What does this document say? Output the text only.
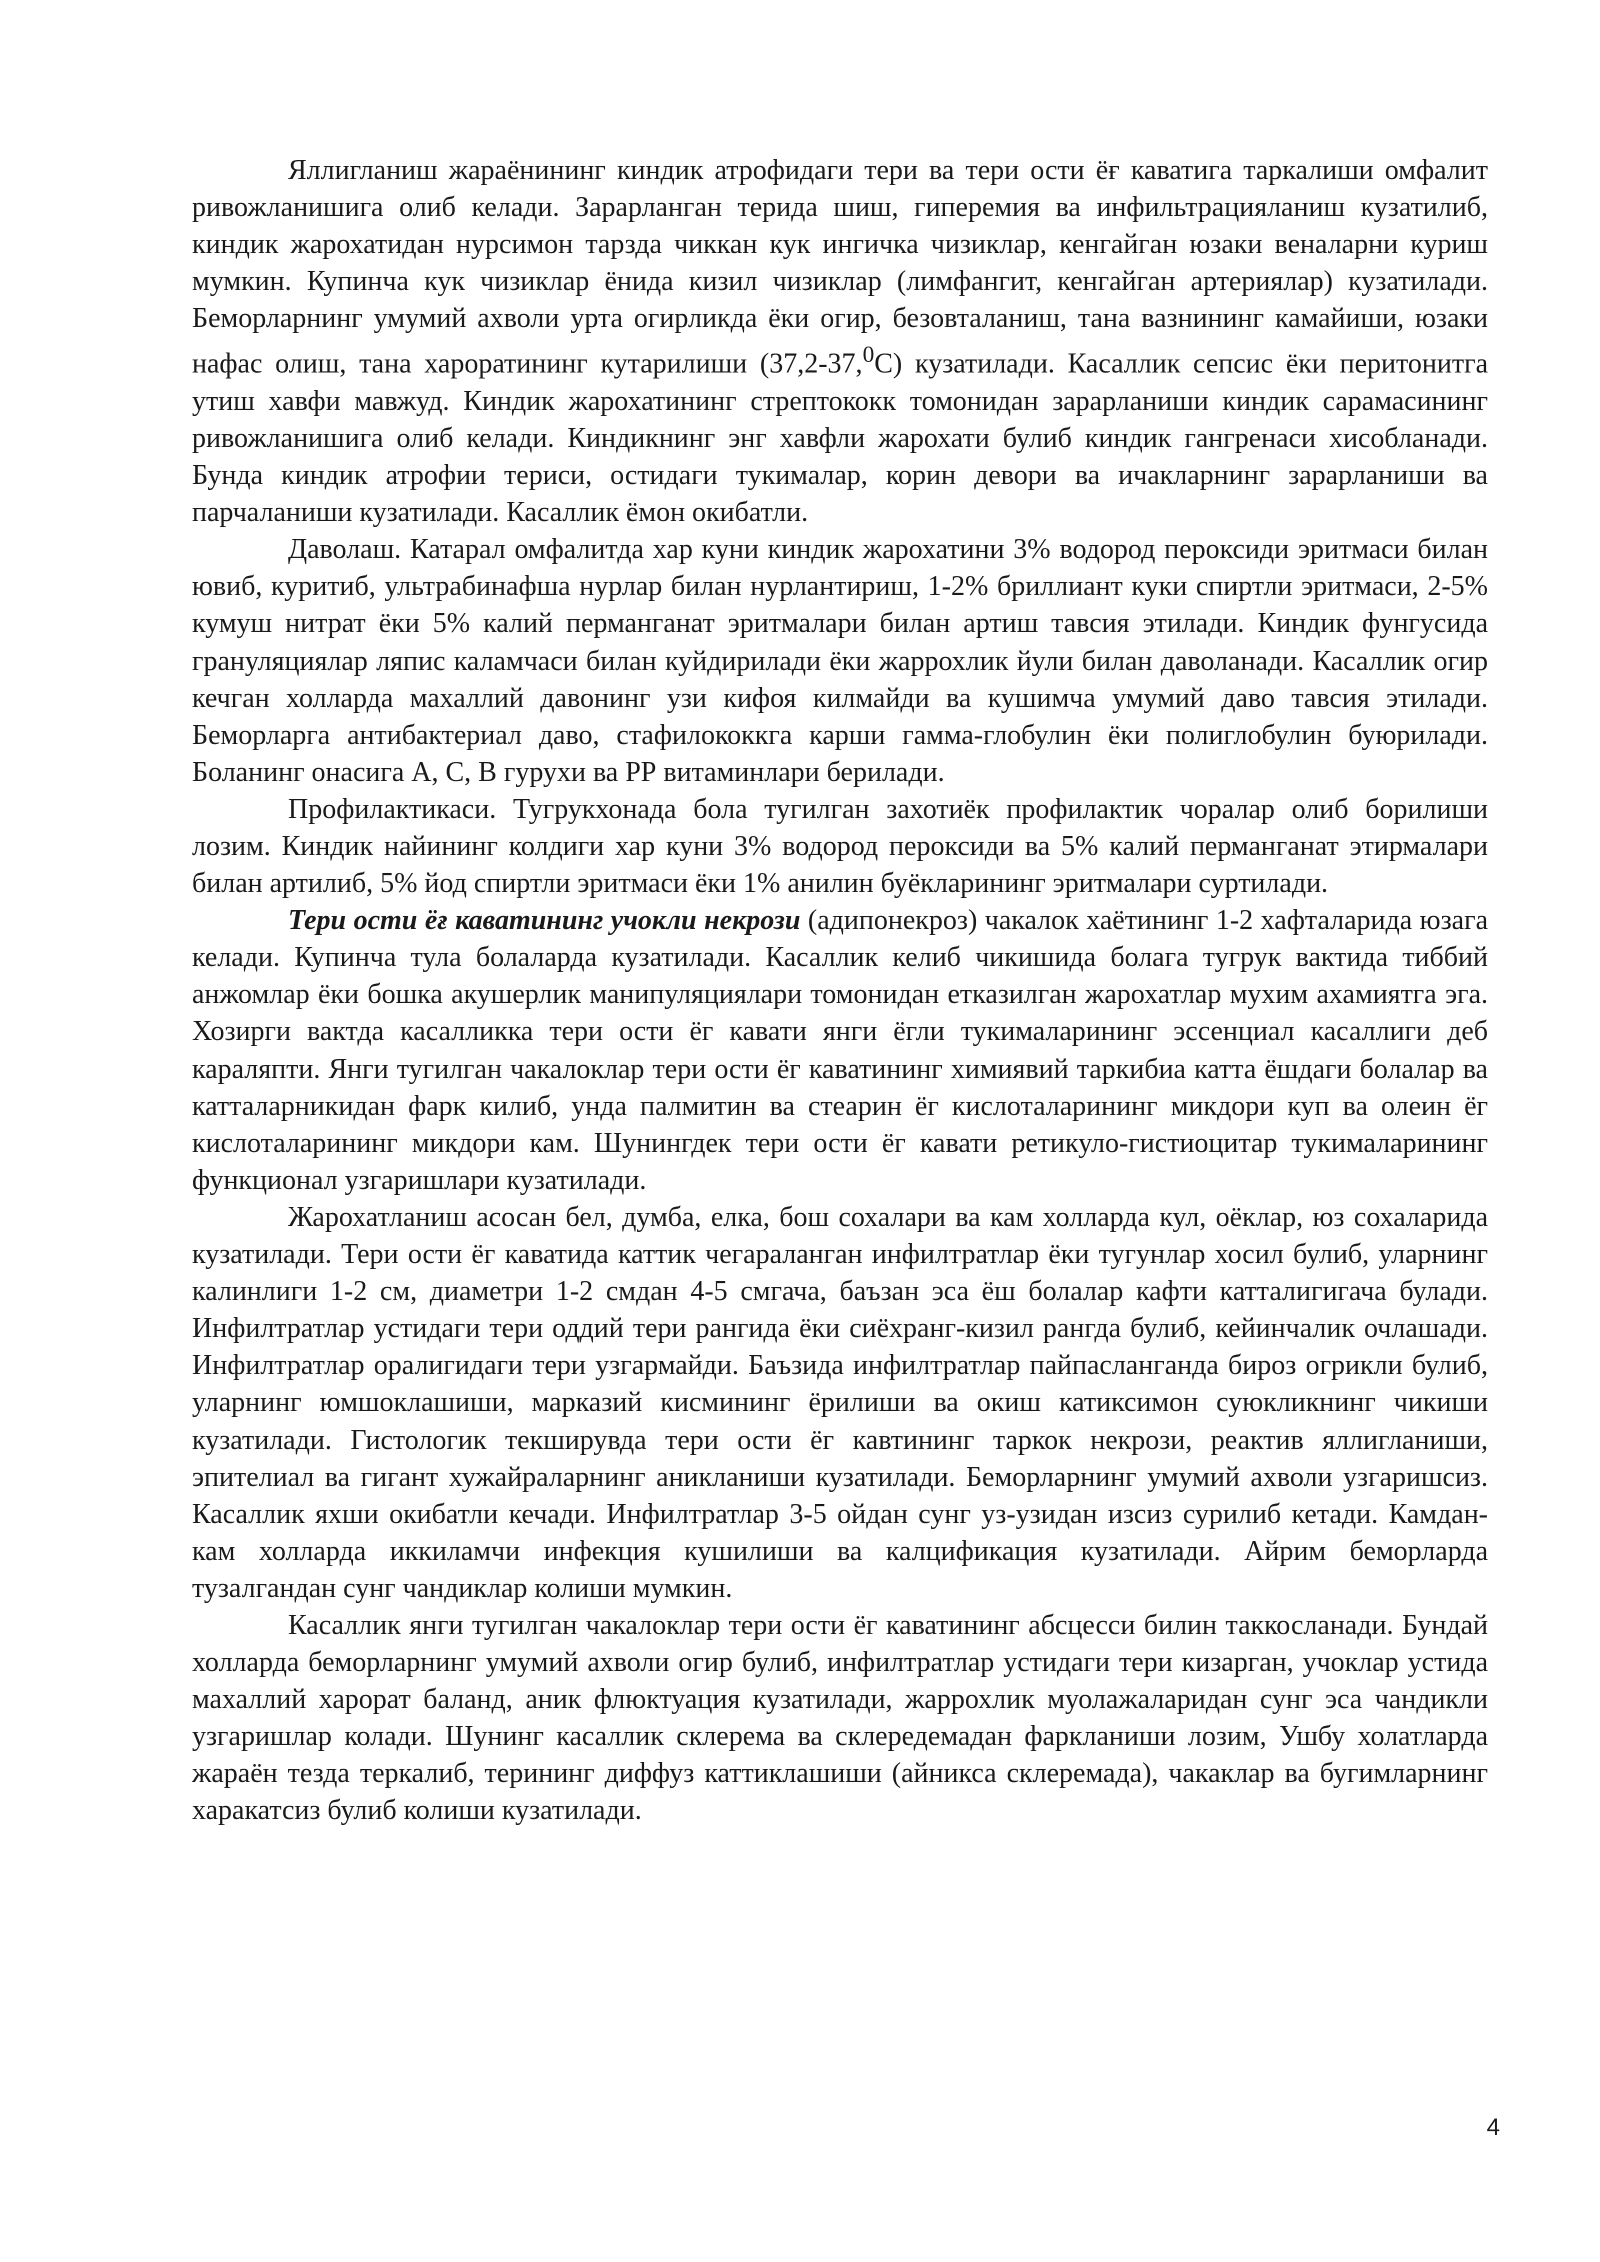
Яллигланиш жараёнининг киндик атрофидаги тери ва тери ости ёғ каватига таркалиши омфалит ривожланишига олиб келади. Зарарланган терида шиш, гиперемия ва инфильтрацияланиш кузатилиб, киндик жарохатидан нурсимон тарзда чиккан кук ингичка чизиклар, кенгайган юзаки веналарни куриш мумкин. Купинча кук чизиклар ёнида кизил чизиклар (лимфангит, кенгайган артериялар) кузатилади. Беморларнинг умумий ахволи урта огирликда ёки огир, безовталаниш, тана вазнининг камайиши, юзаки нафас олиш, тана хароратининг кутарилиши (37,2-37,$^0$С) кузатилади. Касаллик сепсис ёки перитонитга утиш хавфи мавжуд. Киндик жарохатининг стрептококк томонидан зарарланиши киндик сарамасининг ривожланишига олиб келади. Киндикнинг энг хавфли жарохати булиб киндик гангренаси хисобланади. Бунда киндик атрофии териси, остидаги тукималар, корин девори ва ичакларнинг зарарланиши ва парчаланиши кузатилади. Касаллик ёмон окибатли.

Даволаш. Катарал омфалитда хар куни киндик жарохатини 3% водород пероксиди эритмаси билан ювиб, куритиб, ультрабинафша нурлар билан нурлантириш, 1-2% бриллиант куки спиртли эритмаси, 2-5% кумуш нитрат ёки 5% калий перманганат эритмалари билан артиш тавсия этилади. Киндик фунгусида грануляциялар ляпис каламчаси билан куйдирилади ёки жаррохлик йули билан даволанади. Касаллик огир кечган холларда махаллий давонинг узи кифоя килмайди ва кушимча умумий даво тавсия этилади. Беморларга антибактериал даво, стафилококкга карши гамма-глобулин ёки полиглобулин буюрилади. Боланинг онасига А, С, В гурухи ва РР витаминлари берилади.

Профилактикаси. Тугрукхонада бола тугилган захотиёк профилактик чоралар олиб борилиши лозим. Киндик найининг колдиги хар куни 3% водород пероксиди ва 5% калий перманганат этирмалари билан артилиб, 5% йод спиртли эритмаси ёки 1% анилин буёкларининг эритмалари суртилади.

Тери ости ёғ каватининг учокли некрози (адипонекроз) чакалок хаётининг 1-2 хафталарида юзага келади. Купинча тула болаларда кузатилади. Касаллик келиб чикишида болага тугрук вактида тиббий анжомлар ёки бошка акушерлик манипуляциялари томонидан етказилган жарохатлар мухим ахамиятга эга. Хозирги вактда касалликка тери ости ёг кавати янги ёгли тукималарининг эссенциал касаллиги деб караляпти. Янги тугилган чакалоклар тери ости ёг каватининг химиявий таркибиа катта ёшдаги болалар ва катталарникидан фарк килиб, унда палмитин ва стеарин ёг кислоталарининг микдори куп ва олеин ёг кислоталарининг микдори кам. Шунингдек тери ости ёг кавати ретикуло-гистиоцитар тукималарининг функционал узгаришлари кузатилади.

Жарохатланиш асосан бел, думба, елка, бош сохалари ва кам холларда кул, оёклар, юз сохаларида кузатилади. Тери ости ёг каватида каттик чегараланган инфилтратлар ёки тугунлар хосил булиб, уларнинг калинлиги 1-2 см, диаметри 1-2 смдан 4-5 смгача, баъзан эса ёш болалар кафти катталигигача булади. Инфилтратлар устидаги тери оддий тери рангида ёки сиёхранг-кизил рангда булиб, кейинчалик очлашади. Инфилтратлар оралигидаги тери узгармайди. Баъзида инфилтратлар пайпасланганда бироз огрикли булиб, уларнинг юмшоклашиши, марказий кисмининг ёрилиши ва окиш катиксимон суюкликнинг чикиши кузатилади. Гистологик текширувда тери ости ёг кавтининг таркок некрози, реактив яллигланиши, эпителиал ва гигант хужайраларнинг аникланиши кузатилади. Беморларнинг умумий ахволи узгаришсиз. Касаллик яхши окибатли кечади. Инфилтратлар 3-5 ойдан сунг уз-узидан изсиз сурилиб кетади. Камдан-кам холларда иккиламчи инфекция кушилиши ва калцификация кузатилади. Айрим беморларда тузалгандан сунг чандиклар колиши мумкин.

Касаллик янги тугилган чакалоклар тери ости ёг каватининг абсцесси билин таккосланади. Бундай холларда беморларнинг умумий ахволи огир булиб, инфилтратлар устидаги тери кизарган, учоклар устида махаллий харорат баланд, аник флюктуация кузатилади, жаррохлик муолажаларидан сунг эса чандикли узгаришлар колади. Шунинг касаллик склерема ва склередемадан фаркланиши лозим, Ушбу холатларда жараён тезда теркалиб, терининг диффуз каттиклашиши (айникса склеремада), чакаклар ва бугимларнинг харакатсиз булиб колиши кузатилади.

4
